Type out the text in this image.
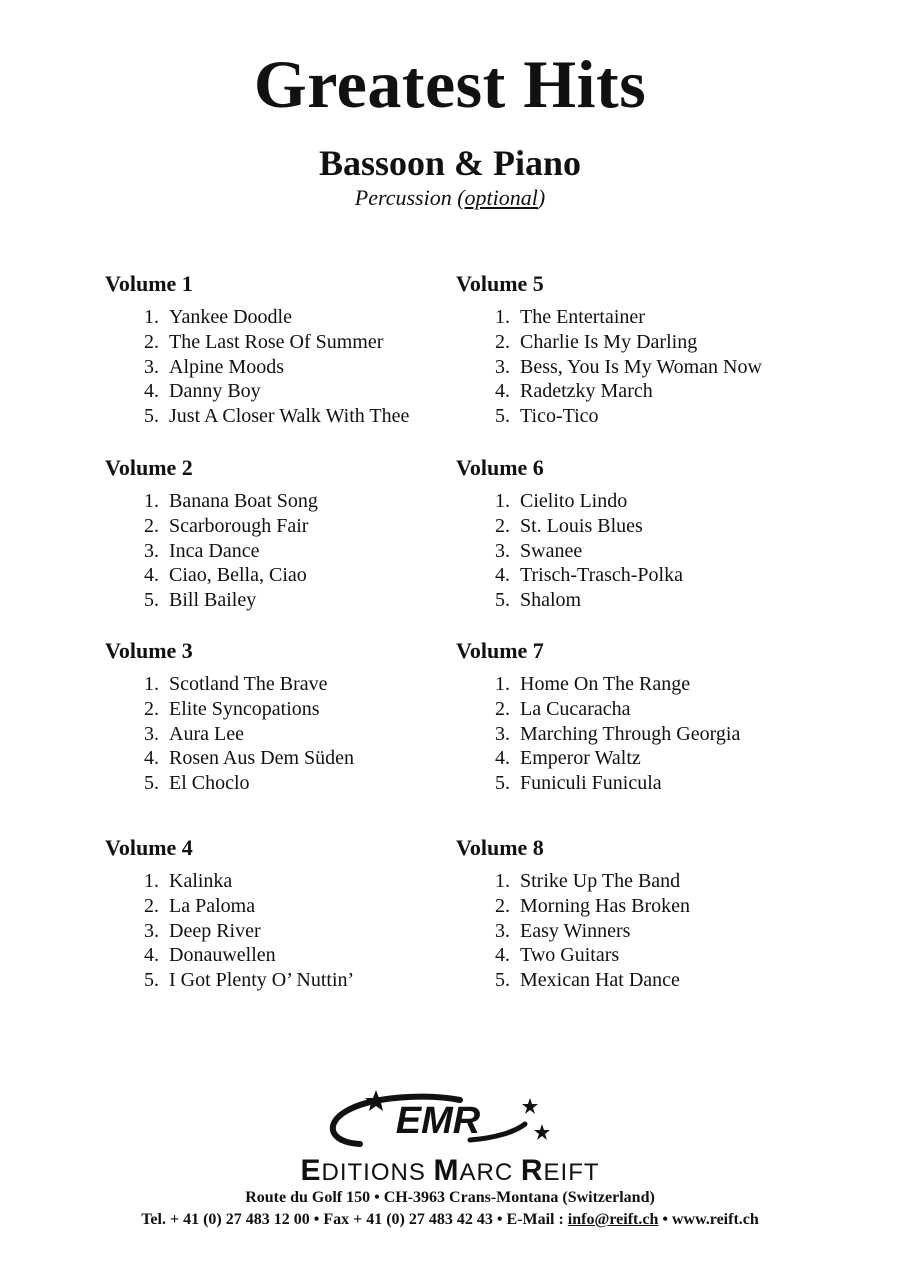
Greatest Hits
Bassoon & Piano
Percussion (optional)
Volume 1
1. Yankee Doodle
2. The Last Rose Of Summer
3. Alpine Moods
4. Danny Boy
5. Just A Closer Walk With Thee
Volume 2
1. Banana Boat Song
2. Scarborough Fair
3. Inca Dance
4. Ciao, Bella, Ciao
5. Bill Bailey
Volume 3
1. Scotland The Brave
2. Elite Syncopations
3. Aura Lee
4. Rosen Aus Dem Süden
5. El Choclo
Volume 4
1. Kalinka
2. La Paloma
3. Deep River
4. Donauwellen
5. I Got Plenty O’ Nuttin’
Volume 5
1. The Entertainer
2. Charlie Is My Darling
3. Bess, You Is My Woman Now
4. Radetzky March
5. Tico-Tico
Volume 6
1. Cielito Lindo
2. St. Louis Blues
3. Swanee
4. Trisch-Trasch-Polka
5. Shalom
Volume 7
1. Home On The Range
2. La Cucaracha
3. Marching Through Georgia
4. Emperor Waltz
5. Funiculi Funicula
Volume 8
1. Strike Up The Band
2. Morning Has Broken
3. Easy Winners
4. Two Guitars
5. Mexican Hat Dance
EMR
EDITIONS MARC REIFT
Route du Golf 150 • CH-3963 Crans-Montana (Switzerland)
Tel. + 41 (0) 27 483 12 00 • Fax + 41 (0) 27 483 42 43 • E-Mail : info@reift.ch • www.reift.ch
